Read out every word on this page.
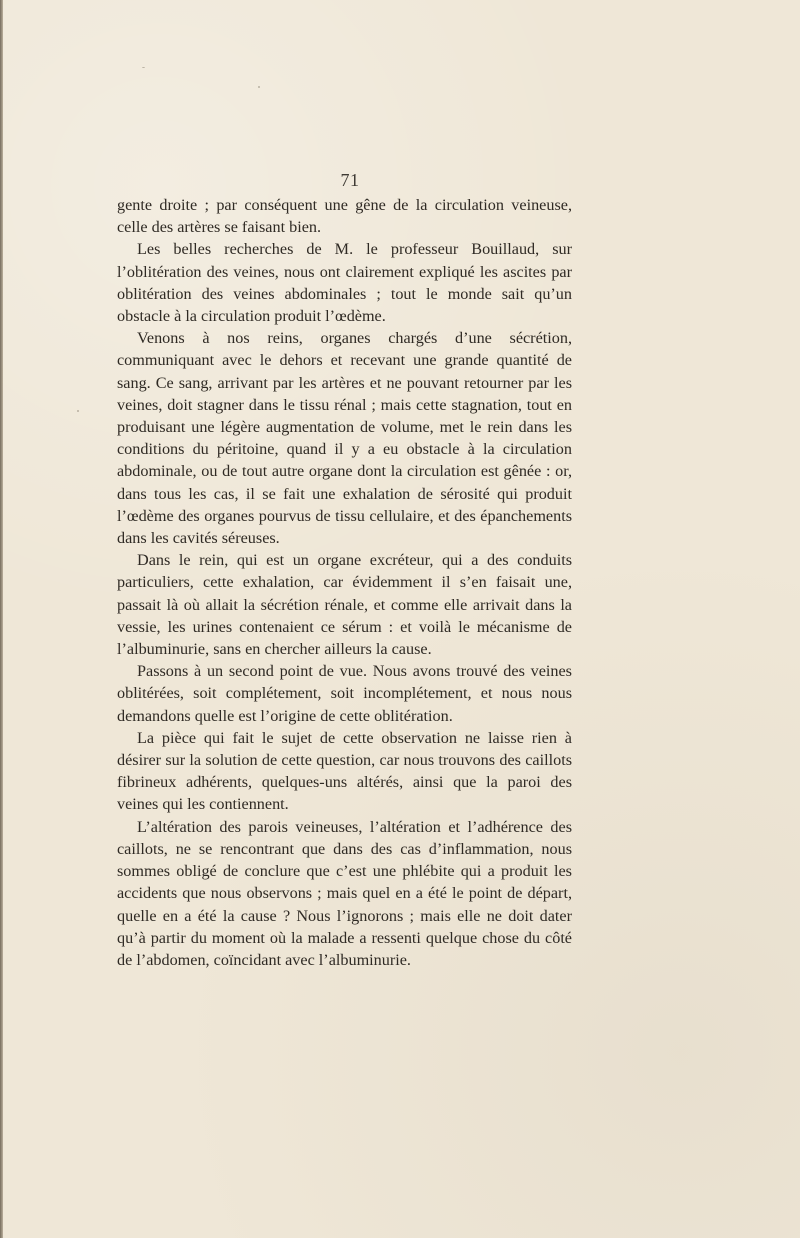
71

gente droite ; par conséquent une gêne de la circulation veineuse, celle des artères se faisant bien.

Les belles recherches de M. le professeur Bouillaud, sur l’oblitération des veines, nous ont clairement expliqué les ascites par oblitération des veines abdominales ; tout le monde sait qu’un obstacle à la circulation produit l’œdème.

Venons à nos reins, organes chargés d’une sécrétion, communiquant avec le dehors et recevant une grande quantité de sang. Ce sang, arrivant par les artères et ne pouvant retourner par les veines, doit stagner dans le tissu rénal ; mais cette stagnation, tout en produisant une légère augmentation de volume, met le rein dans les conditions du péritoine, quand il y a eu obstacle à la circulation abdominale, ou de tout autre organe dont la circulation est gênée : or, dans tous les cas, il se fait une exhalation de sérosité qui produit l’œdème des organes pourvus de tissu cellulaire, et des épanchements dans les cavités séreuses.

Dans le rein, qui est un organe excréteur, qui a des conduits particuliers, cette exhalation, car évidemment il s’en faisait une, passait là où allait la sécrétion rénale, et comme elle arrivait dans la vessie, les urines contenaient ce sérum : et voilà le mécanisme de l’albuminurie, sans en chercher ailleurs la cause.

Passons à un second point de vue. Nous avons trouvé des veines oblitérées, soit complétement, soit incomplétement, et nous nous demandons quelle est l’origine de cette oblitération.

La pièce qui fait le sujet de cette observation ne laisse rien à désirer sur la solution de cette question, car nous trouvons des caillots fibrineux adhérents, quelques-uns altérés, ainsi que la paroi des veines qui les contiennent.

L’altération des parois veineuses, l’altération et l’adhérence des caillots, ne se rencontrant que dans des cas d’inflammation, nous sommes obligé de conclure que c’est une phlébite qui a produit les accidents que nous observons ; mais quel en a été le point de départ, quelle en a été la cause ? Nous l’ignorons ; mais elle ne doit dater qu’à partir du moment où la malade a ressenti quelque chose du côté de l’abdomen, coïncidant avec l’albuminurie.
